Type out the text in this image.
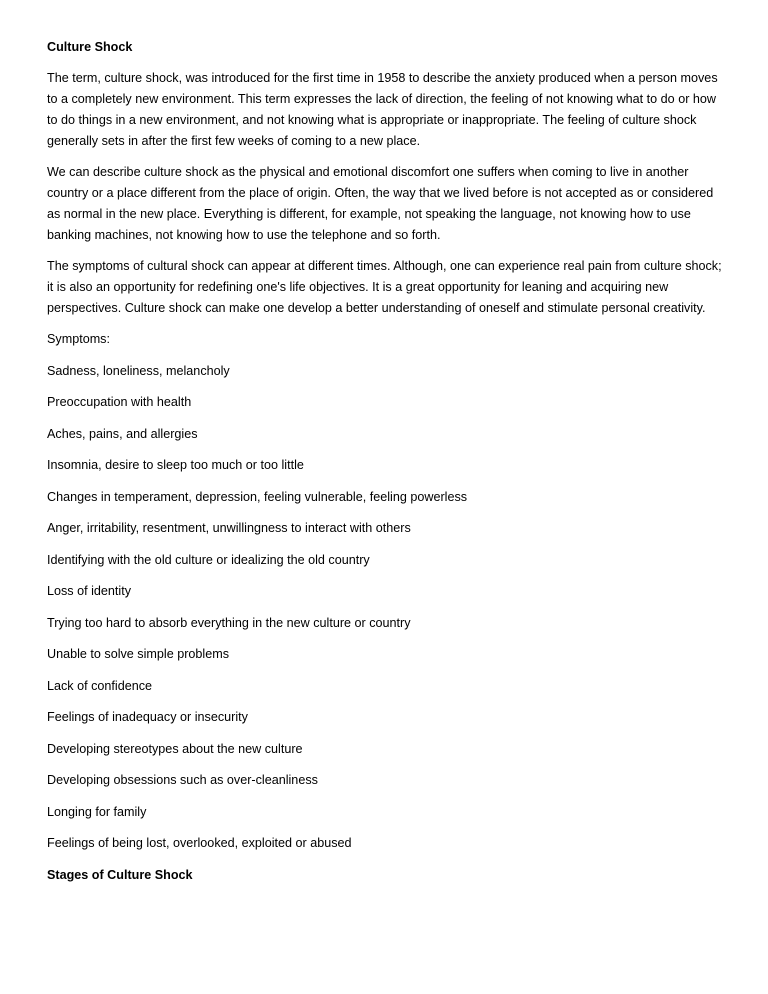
Culture Shock

The term, culture shock, was introduced for the first time in 1958 to describe the anxiety produced when a person moves to a completely new environment. This term expresses the lack of direction, the feeling of not knowing what to do or how to do things in a new environment, and not knowing what is appropriate or inappropriate. The feeling of culture shock generally sets in after the first few weeks of coming to a new place.

We can describe culture shock as the physical and emotional discomfort one suffers when coming to live in another country or a place different from the place of origin. Often, the way that we lived before is not accepted as or considered as normal in the new place. Everything is different, for example, not speaking the language, not knowing how to use banking machines, not knowing how to use the telephone and so forth.

The symptoms of cultural shock can appear at different times. Although, one can experience real pain from culture shock; it is also an opportunity for redefining one's life objectives. It is a great opportunity for leaning and acquiring new perspectives. Culture shock can make one develop a better understanding of oneself and stimulate personal creativity.

Symptoms:

Sadness, loneliness, melancholy

Preoccupation with health

Aches, pains, and allergies

Insomnia, desire to sleep too much or too little

Changes in temperament, depression, feeling vulnerable, feeling powerless

Anger, irritability, resentment, unwillingness to interact with others

Identifying with the old culture or idealizing the old country

Loss of identity

Trying too hard to absorb everything in the new culture or country

Unable to solve simple problems

Lack of confidence

Feelings of inadequacy or insecurity

Developing stereotypes about the new culture

Developing obsessions such as over-cleanliness

Longing for family

Feelings of being lost, overlooked, exploited or abused

Stages of Culture Shock
